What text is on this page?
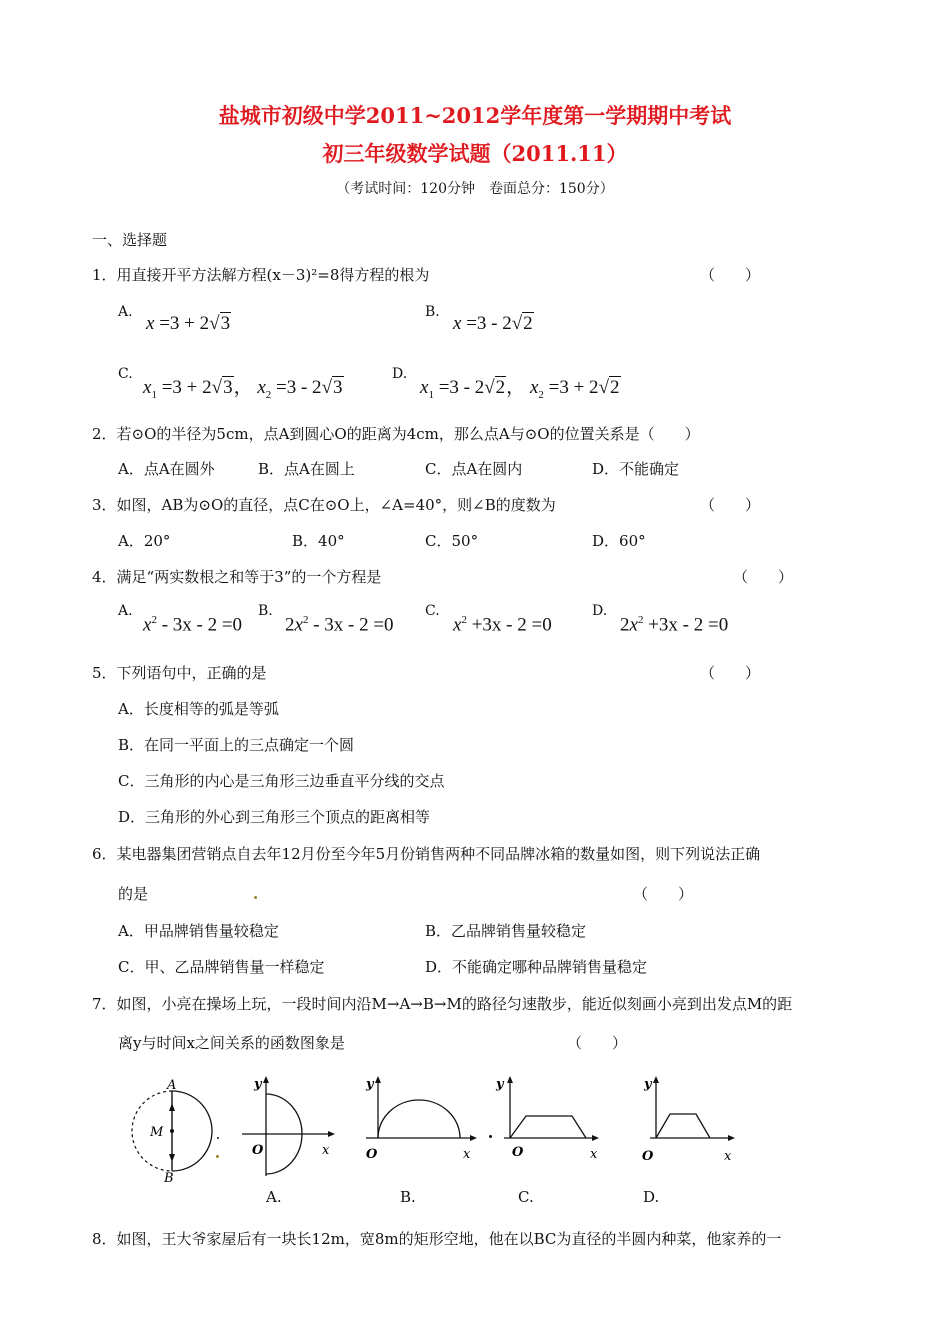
盐城市初级中学2011~2012学年度第一学期期中考试
初三年级数学试题（2011.11）
（考试时间：120分钟　卷面总分：150分）
一、选择题
1．用直接开平方法解方程(x－3)²=8得方程的根为	（　　）
A.
x =3 + 2√3
B.
x =3 - 2√2
C.
$x_1 =3 + 2√3$， $x_2 =3 - 2√3$
D.
$x_1 =3 - 2√2$， $x_2 =3 + 2√2$
2．若⊙O的半径为5cm，点A到圆心O的距离为4cm，那么点A与⊙O的位置关系是（　　）
A．点A在圆外	B．点A在圆上	C．点A在圆内	D．不能确定
3．如图，AB为⊙O的直径，点C在⊙O上，∠A=40°，则∠B的度数为	（　　）
A．20°	B．40°	C．50°	D．60°
4．满足“两实数根之和等于3”的一个方程是	（　　）
A.
$x^2 - 3x - 2 =0$
B.
$2x^2 - 3x - 2 =0$
C.
$x^2 +3x - 2 =0$
D.
$2x^2 +3x - 2 =0$
5．下列语句中，正确的是	（　　）
A．长度相等的弧是等弧
B．在同一平面上的三点确定一个圆
C．三角形的内心是三角形三边垂直平分线的交点
D．三角形的外心到三角形三个顶点的距离相等
6．某电器集团营销点自去年12月份至今年5月份销售两种不同品牌冰箱的数量如图，则下列说法正确
的是	（　　）
A．甲品牌销售量较稳定	B．乙品牌销售量较稳定
C．甲、乙品牌销售量一样稳定	D．不能确定哪种品牌销售量稳定
7．如图，小亮在操场上玩，一段时间内沿M→A→B→M的路径匀速散步，能近似刻画小亮到出发点M的距
离y与时间x之间关系的函数图象是	（　　）
A
M
B
y
x
O
y
x
O
y
x
O
y
x
O
A.	B.	C.	D.
8．如图，王大爷家屋后有一块长12m，宽8m的矩形空地，他在以BC为直径的半圆内种菜，他家养的一
